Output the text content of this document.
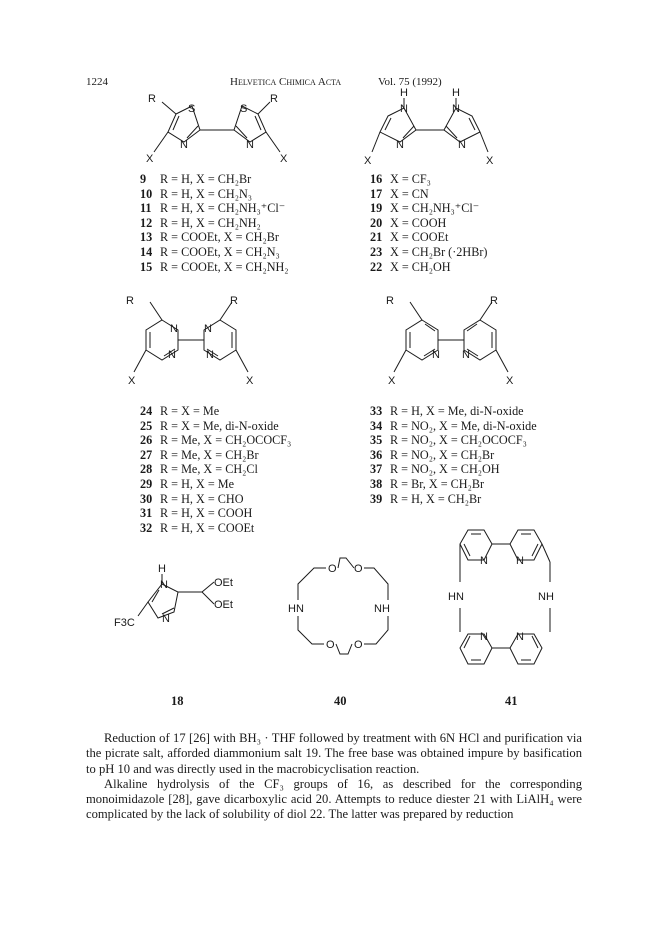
1224	Helvetica Chimica Acta	Vol. 75 (1992)
R
S
N
S
N
R
X	X
H	H
N	N
N	N
X	X
9 R = H, X = CH₂Br
10 R = H, X = CH₂N₃
11 R = H, X = CH₂NH₃⁺Cl⁻
12 R = H, X = CH₂NH₂
13 R = COOEt, X = CH₂Br
14 R = COOEt, X = CH₂N₃
15 R = COOEt, X = CH₂NH₂
16 X = CF₃
17 X = CN
19 X = CH₂NH₃⁺Cl⁻
20 X = COOH
21 X = COOEt
23 X = CH₂Br (·2HBr)
22 X = CH₂OH
R	R
N N
N	N
X	X
R	R
N N
X	X
24 R = X = Me
25 R = X = Me, di-N-oxide
26 R = Me, X = CH₂OCOCF₃
27 R = Me, X = CH₂Br
28 R = Me, X = CH₂Cl
29 R = H, X = Me
30 R = H, X = CHO
31 R = H, X = COOH
32 R = H, X = COOEt
33 R = H, X = Me, di-N-oxide
34 R = NO₂, X = Me, di-N-oxide
35 R = NO₂, X = CH₂OCOCF₃
36 R = NO₂, X = CH₂Br
37 R = NO₂, X = CH₂OH
38 R = Br, X = CH₂Br
39 R = H, X = CH₂Br
H
N
N
OEt
OEt
F3C
O O
HN	NH
O O
N	N
HN	NH
N	N
18	40	41

Reduction of 17 [26] with BH₃ · THF followed by treatment with 6N HCl and purification via the picrate salt, afforded diammonium salt 19. The free base was obtained impure by basification to pH 10 and was directly used in the macrobicyclisation reaction.

Alkaline hydrolysis of the CF₃ groups of 16, as described for the corresponding monoimidazole [28], gave dicarboxylic acid 20. Attempts to reduce diester 21 with LiAlH₄ were complicated by the lack of solubility of diol 22. The latter was prepared by reduction
